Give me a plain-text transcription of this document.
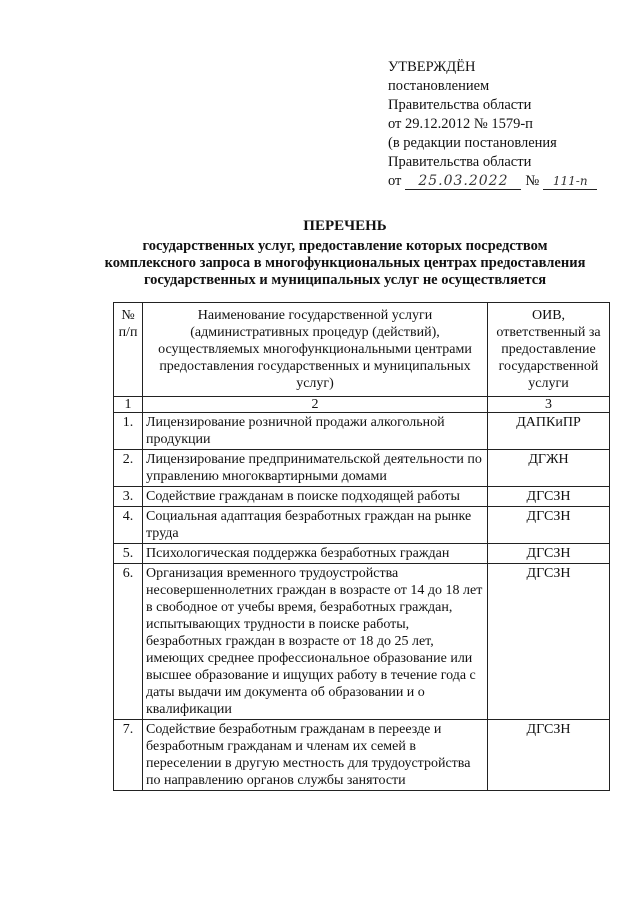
УТВЕРЖДЁН
постановлением
Правительства области
от 29.12.2012 № 1579-п
(в редакции постановления
Правительства области
от	25.03.2022	№	111-п
ПЕРЕЧЕНЬ
государственных услуг, предоставление которых посредством комплексного запроса в многофункциональных центрах предоставления государственных и муниципальных услуг не осуществляется
№ п/п	Наименование государственной услуги (административных процедур (действий), осуществляемых многофункциональными центрами предоставления государственных и муниципальных услуг)	ОИВ, ответственный за предоставление государственной услуги
1	2	3
1.	Лицензирование розничной продажи алкогольной продукции	ДАПКиПР
2.	Лицензирование предпринимательской деятельности по управлению многоквартирными домами	ДГЖН
3.	Содействие гражданам в поиске подходящей работы	ДГСЗН
4.	Социальная адаптация безработных граждан на рынке труда	ДГСЗН
5.	Психологическая поддержка безработных граждан	ДГСЗН
6.	Организация временного трудоустройства несовершеннолетних граждан в возрасте от 14 до 18 лет в свободное от учебы время, безработных граждан, испытывающих трудности в поиске работы, безработных граждан в возрасте от 18 до 25 лет, имеющих среднее профессиональное образование или высшее образование и ищущих работу в течение года с даты выдачи им документа об образовании и о квалификации	ДГСЗН
7.	Содействие безработным гражданам в переезде и безработным гражданам и членам их семей в переселении в другую местность для трудоустройства по направлению органов службы занятости	ДГСЗН
